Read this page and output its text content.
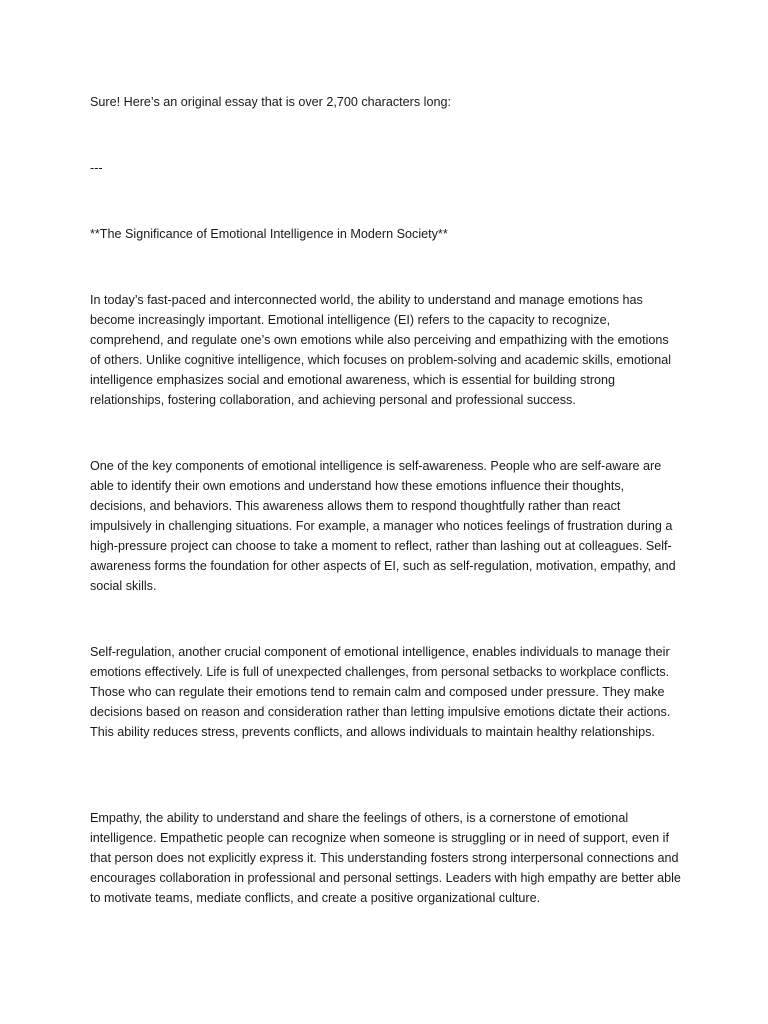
Sure! Here’s an original essay that is over 2,700 characters long:

---

**The Significance of Emotional Intelligence in Modern Society**

In today’s fast-paced and interconnected world, the ability to understand and manage emotions has become increasingly important. Emotional intelligence (EI) refers to the capacity to recognize, comprehend, and regulate one’s own emotions while also perceiving and empathizing with the emotions of others. Unlike cognitive intelligence, which focuses on problem-solving and academic skills, emotional intelligence emphasizes social and emotional awareness, which is essential for building strong relationships, fostering collaboration, and achieving personal and professional success.

One of the key components of emotional intelligence is self-awareness. People who are self-aware are able to identify their own emotions and understand how these emotions influence their thoughts, decisions, and behaviors. This awareness allows them to respond thoughtfully rather than react impulsively in challenging situations. For example, a manager who notices feelings of frustration during a high-pressure project can choose to take a moment to reflect, rather than lashing out at colleagues. Self-awareness forms the foundation for other aspects of EI, such as self-regulation, motivation, empathy, and social skills.

Self-regulation, another crucial component of emotional intelligence, enables individuals to manage their emotions effectively. Life is full of unexpected challenges, from personal setbacks to workplace conflicts. Those who can regulate their emotions tend to remain calm and composed under pressure. They make decisions based on reason and consideration rather than letting impulsive emotions dictate their actions. This ability reduces stress, prevents conflicts, and allows individuals to maintain healthy relationships.

Empathy, the ability to understand and share the feelings of others, is a cornerstone of emotional intelligence. Empathetic people can recognize when someone is struggling or in need of support, even if that person does not explicitly express it. This understanding fosters strong interpersonal connections and encourages collaboration in professional and personal settings. Leaders with high empathy are better able to motivate teams, mediate conflicts, and create a positive organizational culture.
